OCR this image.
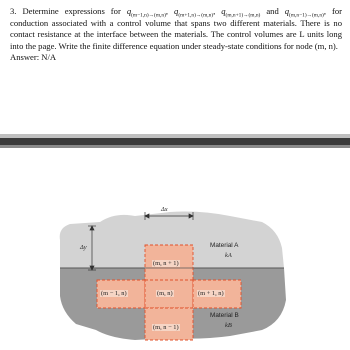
3. Determine expressions for $q_{(m-1,n)\to(m,n)}$, $q_{(m+1,n)\to(m,n)}$, $q_{(m,n+1)\to(m,n)}$ and $q_{(m,n-1)\to(m,n)}$, for conduction associated with a control volume that spans two different materials. There is no contact resistance at the interface between the materials. The control volumes are L units long into the page. Write the finite difference equation under steady-state conditions for node (m, n).
Answer: N/A
Δx
Δy	Material A
kA
Material B
kB
(m, n + 1)
(m − 1, n)	(m, n)	(m + 1, n)
(m, n − 1)
